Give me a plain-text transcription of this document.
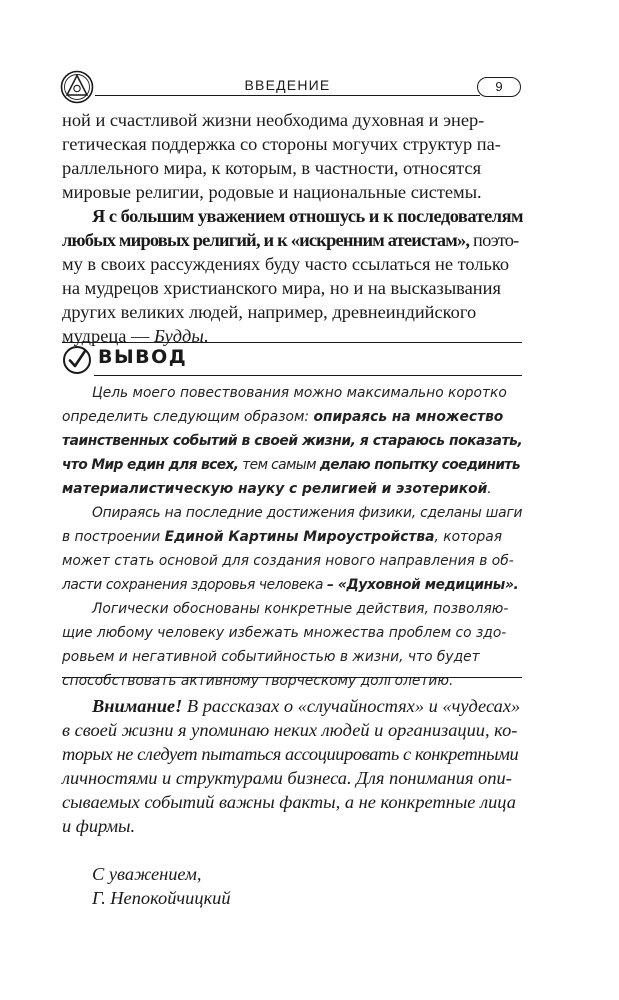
ВВЕДЕНИЕ	9
ной и счастливой жизни необходима духовная и энер-
гетическая поддержка со стороны могучих структур па-
раллельного мира, к которым, в частности, относятся
мировые религии, родовые и национальные системы.
Я с большим уважением отношусь и к последователям
любых мировых религий, и к «искренним атеистам», поэто-
му в своих рассуждениях буду часто ссылаться не только
на мудрецов христианского мира, но и на высказывания
других великих людей, например, древнеиндийского
мудреца — Будды.
ВЫВОД
Цель моего повествования можно максимально коротко
определить следующим образом: опираясь на множество
таинственных событий в своей жизни, я стараюсь показать,
что Мир един для всех, тем самым делаю попытку соединить
материалистическую науку с религией и эзотерикой.
Опираясь на последние достижения физики, сделаны шаги
в построении Единой Картины Мироустройства, которая
может стать основой для создания нового направления в об-
ласти сохранения здоровья человека – «Духовной медицины».
Логически обоснованы конкретные действия, позволяю-
щие любому человеку избежать множества проблем со здо-
ровьем и негативной событийностью в жизни, что будет
способствовать активному творческому долголетию.
Внимание! В рассказах о «случайностях» и «чудесах»
в своей жизни я упоминаю неких людей и организации, ко-
торых не следует пытаться ассоциировать с конкретными
личностями и структурами бизнеса. Для понимания опи-
сываемых событий важны факты, а не конкретные лица
и фирмы.
С уважением,
Г. Непокойчицкий
